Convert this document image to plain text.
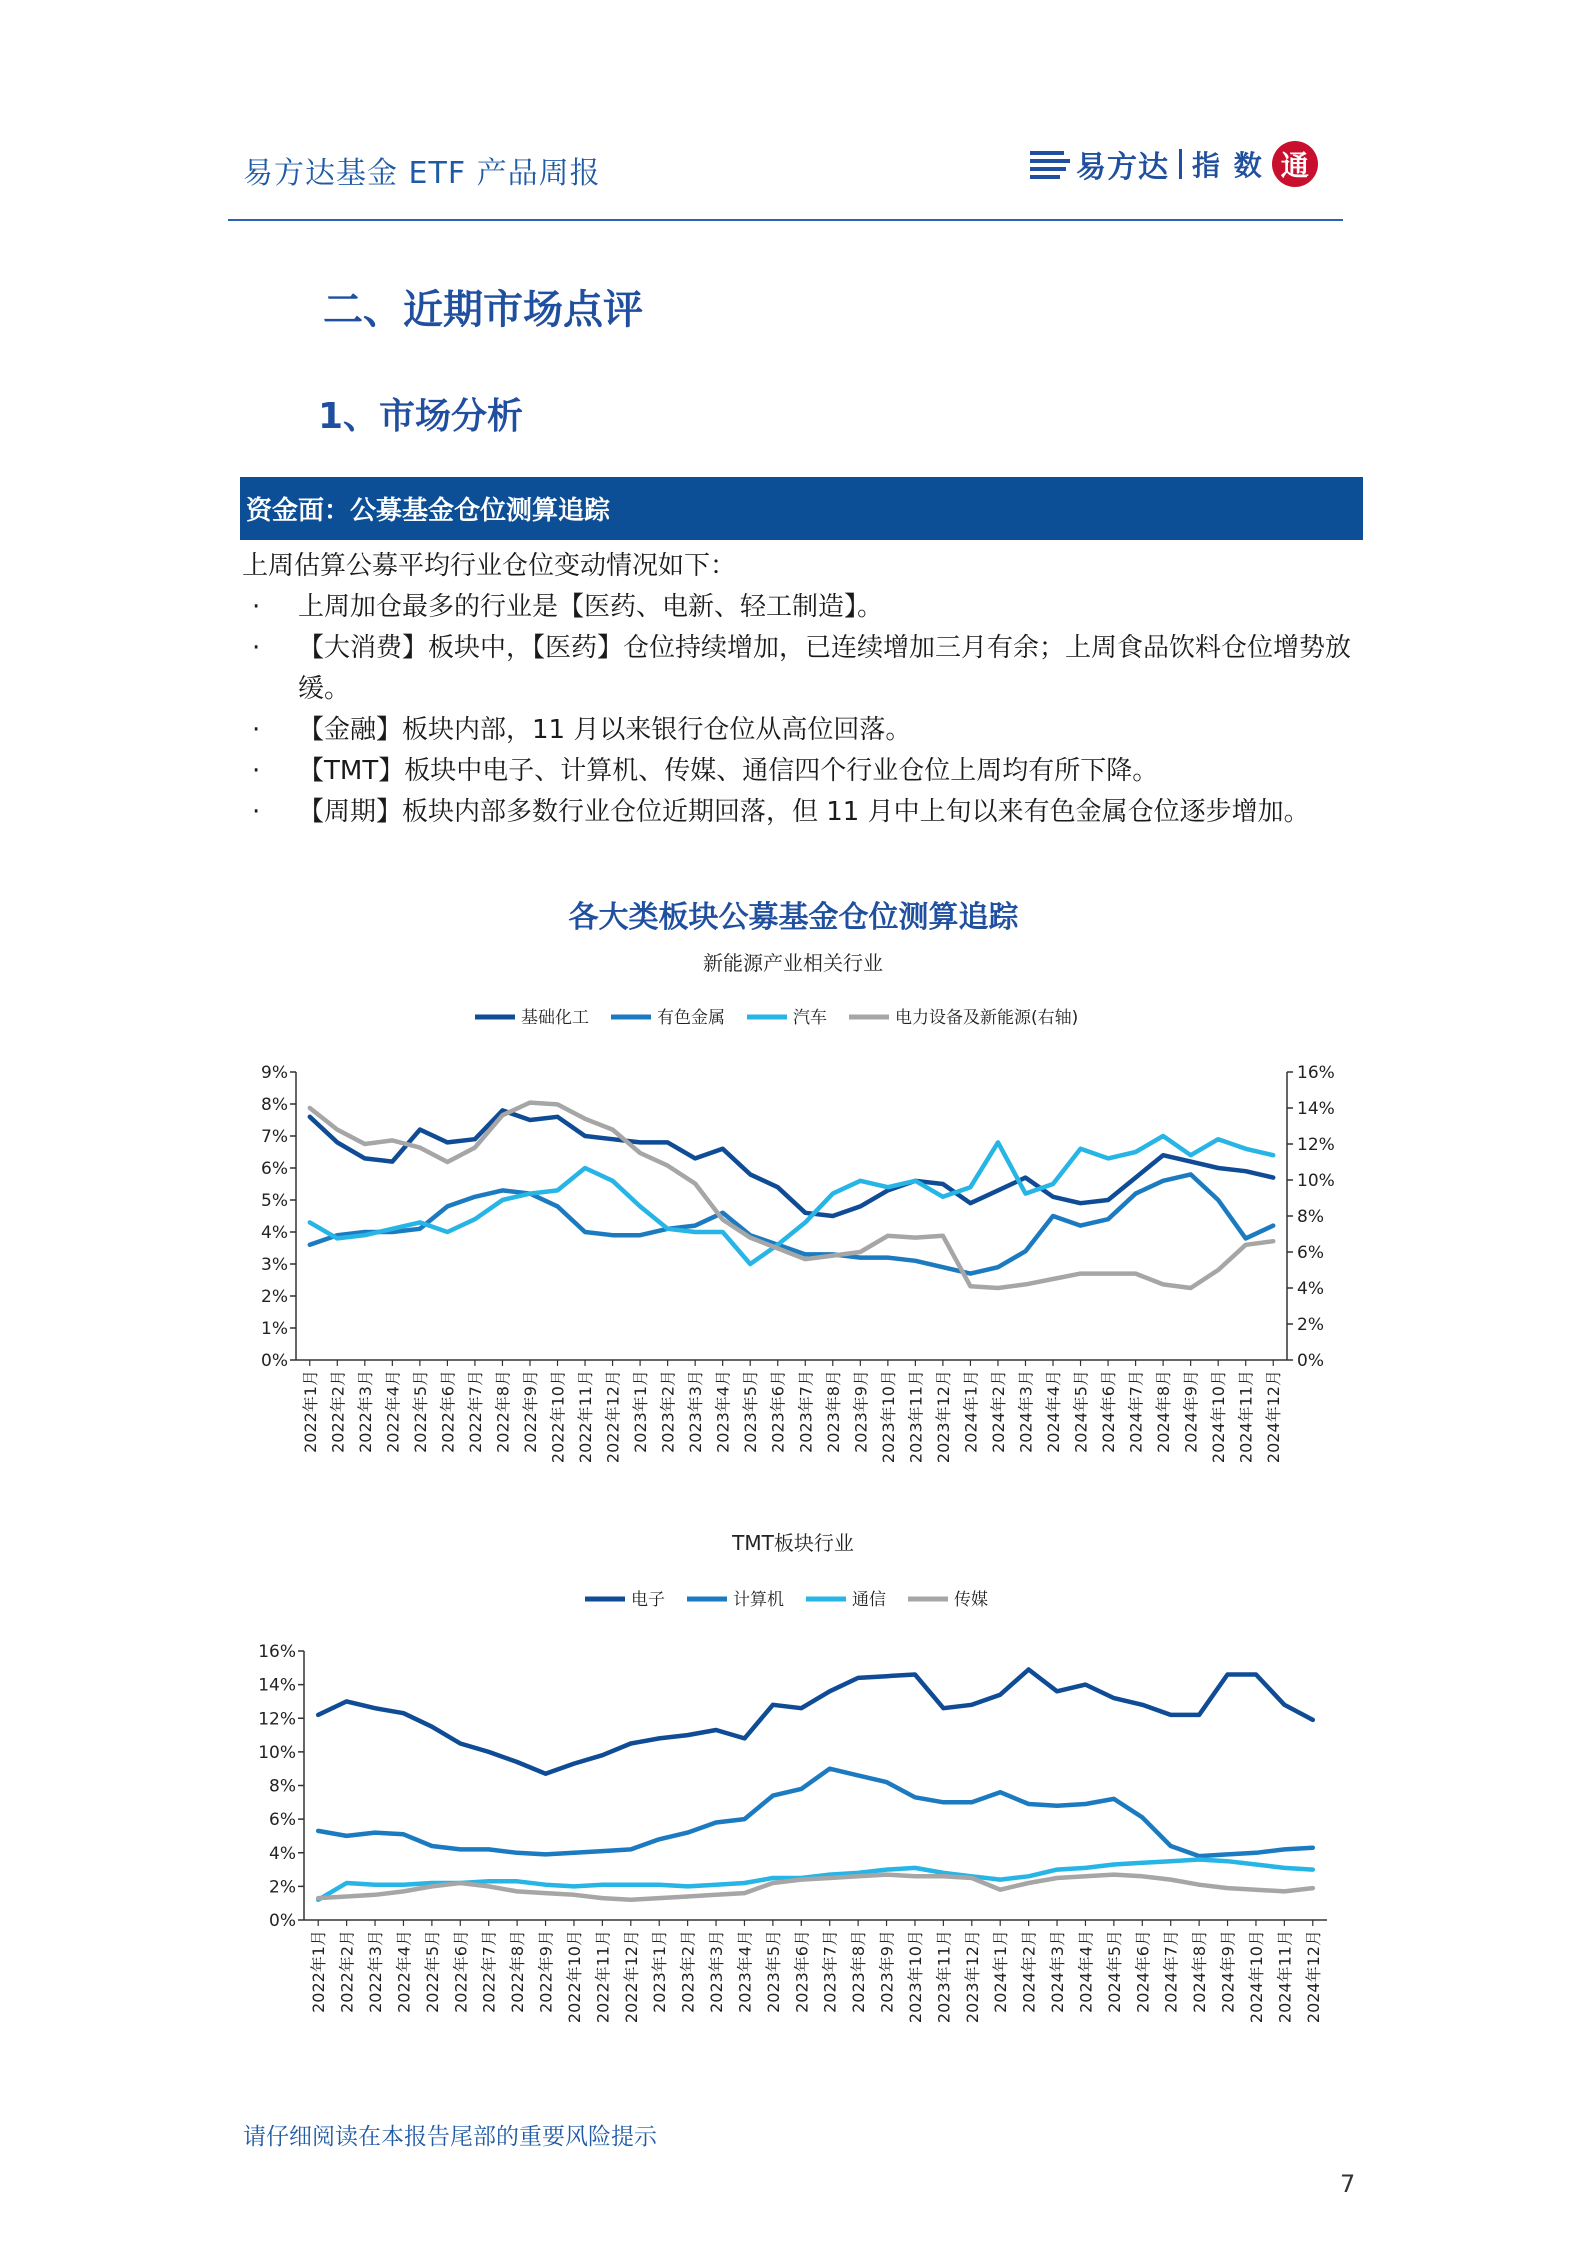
易方达基金 ETF 产品周报	易方达 指 数 通
二、近期市场点评
1、市场分析
资金面：公募基金仓位测算追踪

上周估算公募平均行业仓位变动情况如下：

·	上周加仓最多的行业是【医药、电新、轻工制造】。
·	【大消费】板块中，【医药】仓位持续增加，已连续增加三月有余；上周食品饮料仓位增势放缓。
·	【金融】板块内部，11 月以来银行仓位从高位回落。
·	【TMT】板块中电子、计算机、传媒、通信四个行业仓位上周均有所下降。
·	【周期】板块内部多数行业仓位近期回落，但 11 月中上旬以来有色金属仓位逐步增加。
各大类板块公募基金仓位测算追踪
新能源产业相关行业
基础化工	有色金属	汽车	电力设备及新能源(右轴)
0%
1%
2%
3%
4%
5%
6%
7%
8%
9%
0%
2%
4%
6%
8%
10%
12%
14%
16%
2022年1月 2022年2月 2022年3月 2022年4月 2022年5月 2022年6月 2022年7月 2022年8月 2022年9月 2022年10月 2022年11月 2022年12月 2023年1月 2023年2月 2023年3月 2023年4月 2023年5月 2023年6月 2023年7月 2023年8月 2023年9月 2023年10月 2023年11月 2023年12月 2024年1月 2024年2月 2024年3月 2024年4月 2024年5月 2024年6月 2024年7月 2024年8月 2024年9月 2024年10月 2024年11月 2024年12月
TMT板块行业
电子	计算机	通信	传媒
0%
2%
4%
6%
8%
10%
12%
14%
16%
2022年1月 2022年2月 2022年3月 2022年4月 2022年5月 2022年6月 2022年7月 2022年8月 2022年9月 2022年10月 2022年11月 2022年12月 2023年1月 2023年2月 2023年3月 2023年4月 2023年5月 2023年6月 2023年7月 2023年8月 2023年9月 2023年10月 2023年11月 2023年12月 2024年1月 2024年2月 2024年3月 2024年4月 2024年5月 2024年6月 2024年7月 2024年8月 2024年9月 2024年10月 2024年11月 2024年12月
请仔细阅读在本报告尾部的重要风险提示
7
